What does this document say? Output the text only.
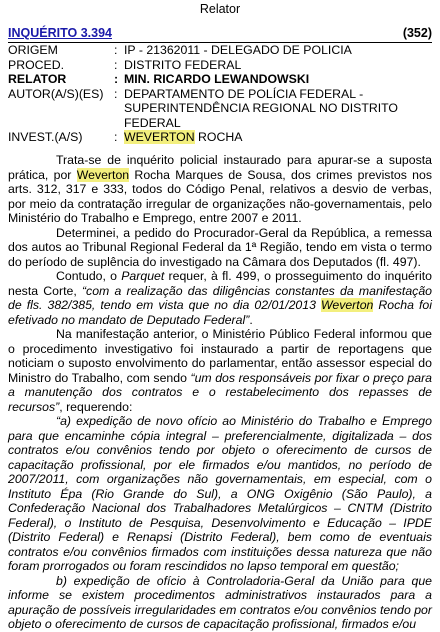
Relator
INQUÉRITO 3.394	(352)
ORIGEM	: IP - 21362011 - DELEGADO DE POLICIA
PROCED.	: DISTRITO FEDERAL
RELATOR	: MIN. RICARDO LEWANDOWSKI
AUTOR(A/S)(ES) : DEPARTAMENTO DE POLÍCIA FEDERAL -
SUPERINTENDÊNCIA REGIONAL NO DISTRITO
FEDERAL
INVEST.(A/S)	: WEVERTON ROCHA

Trata-se de inquérito policial instaurado para apurar-se a suposta prática, por Weverton Rocha Marques de Sousa, dos crimes previstos nos arts. 312, 317 e 333, todos do Código Penal, relativos a desvio de verbas, por meio da contratação irregular de organizações não-governamentais, pelo Ministério do Trabalho e Emprego, entre 2007 e 2011.

Determinei, a pedido do Procurador-Geral da República, a remessa dos autos ao Tribunal Regional Federal da 1ª Região, tendo em vista o termo do período de suplência do investigado na Câmara dos Deputados (fl. 497).

Contudo, o Parquet requer, à fl. 499, o prosseguimento do inquérito nesta Corte, “com a realização das diligências constantes da manifestação de fls. 382/385, tendo em vista que no dia 02/01/2013 Weverton Rocha foi efetivado no mandato de Deputado Federal”.

Na manifestação anterior, o Ministério Público Federal informou que o procedimento investigativo foi instaurado a partir de reportagens que noticiam o suposto envolvimento do parlamentar, então assessor especial do Ministro do Trabalho, com sendo “um dos responsáveis por fixar o preço para a manutenção dos contratos e o restabelecimento dos repasses de recursos”, requerendo:

“a) expedição de novo ofício ao Ministério do Trabalho e Emprego para que encaminhe cópia integral – preferencialmente, digitalizada – dos contratos e/ou convênios tendo por objeto o oferecimento de cursos de capacitação profissional, por ele firmados e/ou mantidos, no período de 2007/2011, com organizações não governamentais, em especial, com o Instituto Épa (Rio Grande do Sul), a ONG Oxigênio (São Paulo), a Confederação Nacional dos Trabalhadores Metalúrgicos – CNTM (Distrito Federal), o Instituto de Pesquisa, Desenvolvimento e Educação – IPDE (Distrito Federal) e Renapsi (Distrito Federal), bem como de eventuais contratos e/ou convênios firmados com instituições dessa natureza que não foram prorrogados ou foram rescindidos no lapso temporal em questão;

b) expedição de ofício à Controladoria-Geral da União para que informe se existem procedimentos administrativos instaurados para a apuração de possíveis irregularidades em contratos e/ou convênios tendo por objeto o oferecimento de cursos de capacitação profissional, firmados e/ou
